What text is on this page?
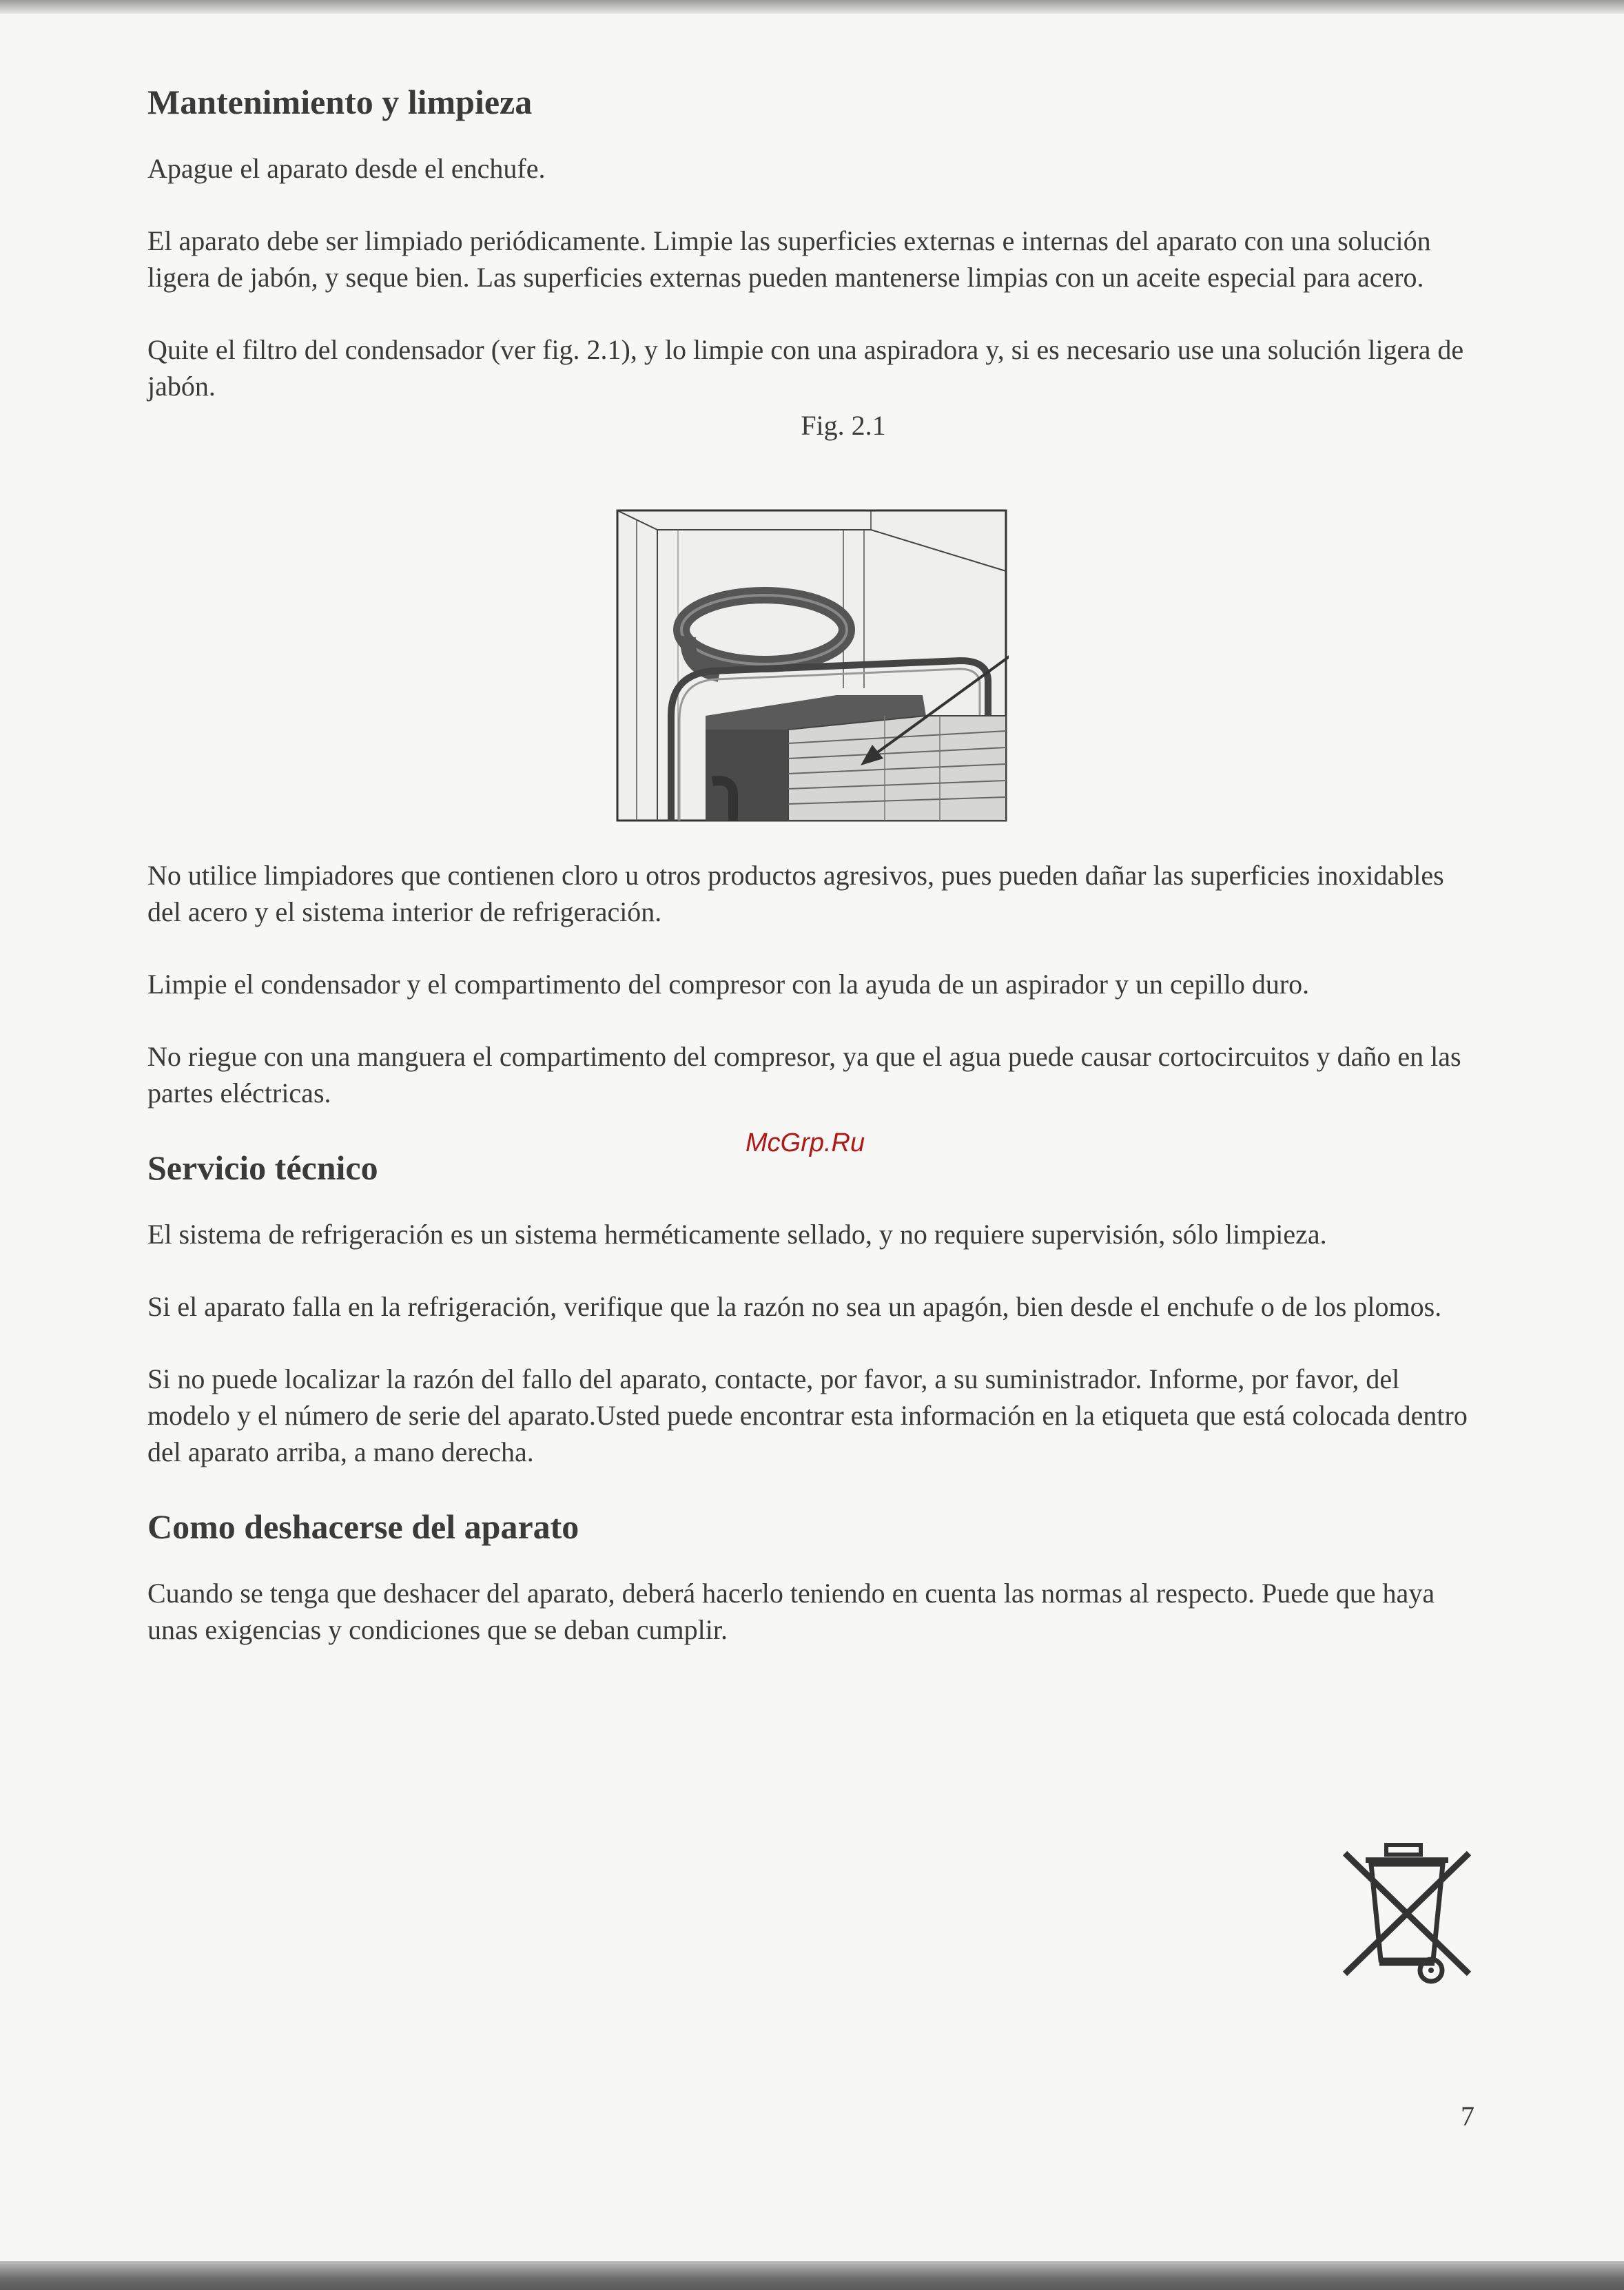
Mantenimiento y limpieza

Apague el aparato desde el enchufe.

El aparato debe ser limpiado periódicamente. Limpie las superficies externas e internas del aparato con una solución ligera de jabón, y seque bien. Las superficies externas pueden mantenerse limpias con un aceite especial para acero.

Quite el filtro del condensador (ver fig. 2.1), y lo limpie con una aspiradora y, si es necesario use una solución ligera de jabón.

Fig. 2.1

No utilice limpiadores que contienen cloro u otros productos agresivos, pues pueden dañar las superficies inoxidables del acero y el sistema interior de refrigeración.

Limpie el condensador y el compartimento del compresor con la ayuda de un aspirador y un cepillo duro.

No riegue con una manguera el compartimento del compresor, ya que el agua puede causar cortocircuitos y daño en las partes eléctricas.

Servicio técnico

El sistema de refrigeración es un sistema herméticamente sellado, y no requiere supervisión, sólo limpieza.

Si el aparato falla en la refrigeración, verifique que la razón no sea un apagón, bien desde el enchufe o de los plomos.

Si no puede localizar la razón del fallo del aparato, contacte, por favor, a su suministrador. Informe, por favor, del modelo y el número de serie del aparato.Usted puede encontrar esta información en la etiqueta que está colocada dentro del aparato arriba, a mano derecha.

Como deshacerse del aparato

Cuando se tenga que deshacer del aparato, deberá hacerlo teniendo en cuenta las normas al respecto. Puede que haya unas exigencias y condiciones que se deban cumplir.

McGrp.Ru
7
